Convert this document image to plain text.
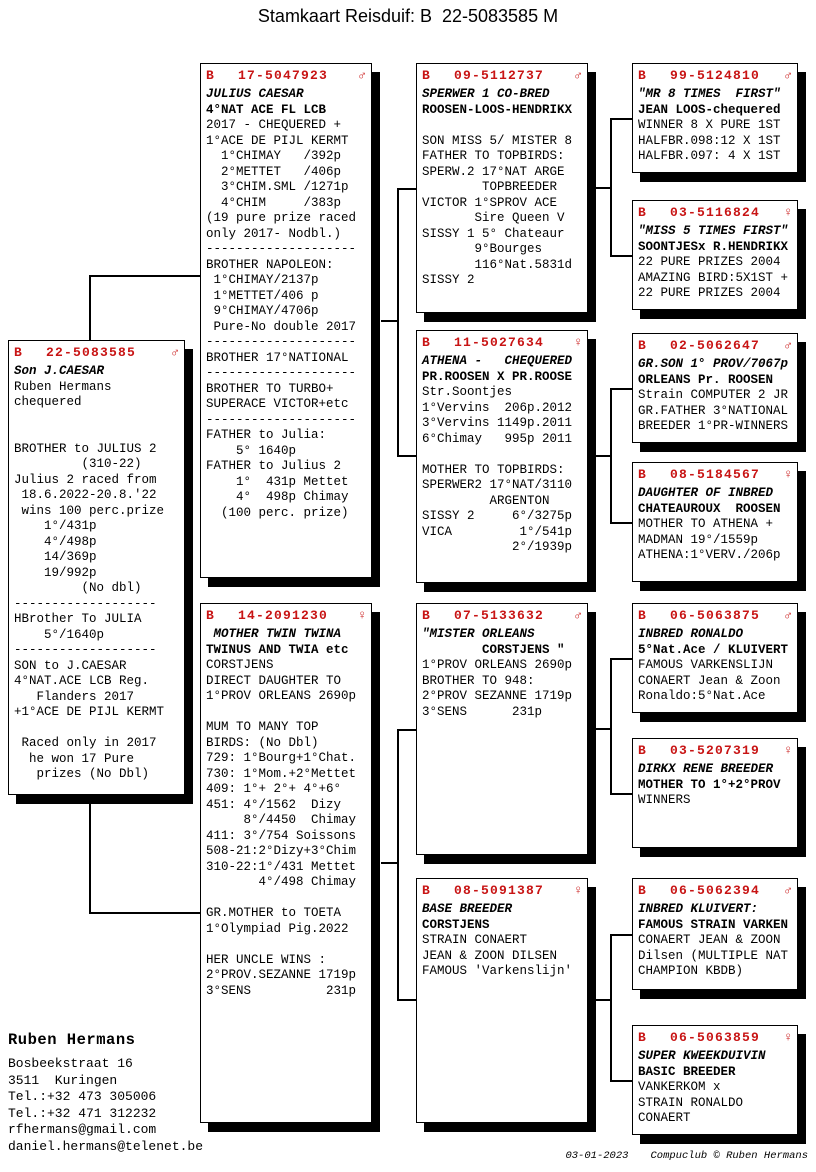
Stamkaart Reisduif: B  22-5083585 M
B	22-5083585	♂
Son J.CAESAR
Ruben Hermans
chequered
BROTHER to JULIUS 2
(310-22)
Julius 2 raced from
18.6.2022-20.8.'22
wins 100 perc.prize
1°/431p
4°/498p
14/369p
19/992p
(No dbl)
-------------------
HBrother To JULIA
5°/1640p
-------------------
SON to J.CAESAR
4°NAT.ACE LCB Reg.
Flanders 2017
+1°ACE DE PIJL KERMT
Raced only in 2017
he won 17 Pure
prizes (No Dbl)
B	17-5047923 ♂
JULIUS CAESAR
4°NAT ACE FL LCB
2017 - CHEQUERED +
1°ACE DE PIJL KERMT
1°CHIMAY   /392p
2°METTET   /406p
3°CHIM.SML /1271p
4°CHIM     /383p
(19 pure prize raced
only 2017- Nodbl.)
--------------------
BROTHER NAPOLEON:
1°CHIMAY/2137p
1°METTET/406 p
9°CHIMAY/4706p
Pure-No double 2017
--------------------
BROTHER 17°NATIONAL
--------------------
BROTHER TO TURBO+
SUPERACE VICTOR+etc
--------------------
FATHER to Julia:
5° 1640p
FATHER to Julius 2
1°  431p Mettet
4°  498p Chimay
(100 perc. prize)
B	14-2091230 ♀
MOTHER TWIN TWINA
TWINUS AND TWIA etc
CORSTJENS
DIRECT DAUGHTER TO
1°PROV ORLEANS 2690p
MUM TO MANY TOP
BIRDS: (No Dbl)
729: 1°Bourg+1°Chat.
730: 1°Mom.+2°Mettet
409: 1°+ 2°+ 4°+6°
451: 4°/1562  Dizy
8°/4450  Chimay
411: 3°/754 Soissons
508-21:2°Dizy+3°Chim
310-22:1°/431 Mettet
4°/498 Chimay
GR.MOTHER to TOETA
1°Olympiad Pig.2022
HER UNCLE WINS :
2°PROV.SEZANNE 1719p
3°SENS          231p
B	09-5112737 ♂
SPERWER 1 CO-BRED
ROOSEN-LOOS-HENDRIKX
SON MISS 5/ MISTER 8
FATHER TO TOPBIRDS:
SPERW.2 17°NAT ARGE
TOPBREEDER
VICTOR 1°SPROV ACE
Sire Queen V
SISSY 1 5° Chateaur
9°Bourges
116°Nat.5831d
SISSY 2
B	11-5027634 ♀
ATHENA -   CHEQUERED
PR.ROOSEN X PR.ROOSE
Str.Soontjes
1°Vervins  206p.2012
3°Vervins 1149p.2011
6°Chimay   995p 2011
MOTHER TO TOPBIRDS:
SPERWER2 17°NAT/3110
ARGENTON
SISSY 2     6°/3275p
VICA         1°/541p
2°/1939p
B	07-5133632 ♂
"MISTER ORLEANS
CORSTJENS "
1°PROV ORLEANS 2690p
BROTHER TO 948:
2°PROV SEZANNE 1719p
3°SENS      231p
B	08-5091387 ♀
BASE BREEDER
CORSTJENS
STRAIN CONAERT
JEAN & ZOON DILSEN
FAMOUS 'Varkenslijn'
B	99-5124810 ♂
"MR 8 TIMES  FIRST"
JEAN LOOS-chequered
WINNER 8 X PURE 1ST
HALFBR.098:12 X 1ST
HALFBR.097: 4 X 1ST
B	03-5116824 ♀
"MISS 5 TIMES FIRST"
SOONTJESx R.HENDRIKX
22 PURE PRIZES 2004
AMAZING BIRD:5X1ST +
22 PURE PRIZES 2004
B	02-5062647 ♂
GR.SON 1° PROV/7067p
ORLEANS Pr. ROOSEN
Strain COMPUTER 2 JR
GR.FATHER 3°NATIONAL
BREEDER 1°PR-WINNERS
B	08-5184567 ♀
DAUGHTER OF INBRED
CHATEAUROUX  ROOSEN
MOTHER TO ATHENA +
MADMAN 19°/1559p
ATHENA:1°VERV./206p
B	06-5063875 ♂
INBRED RONALDO
5°Nat.Ace / KLUIVERT
FAMOUS VARKENSLIJN
CONAERT Jean & Zoon
Ronaldo:5°Nat.Ace
B	03-5207319 ♀
DIRKX RENE BREEDER
MOTHER TO 1°+2°PROV
WINNERS
B	06-5062394 ♂
INBRED KLUIVERT:
FAMOUS STRAIN VARKEN
CONAERT JEAN & ZOON
Dilsen (MULTIPLE NAT
CHAMPION KBDB)
B	06-5063859 ♀
SUPER KWEEKDUIVIN
BASIC BREEDER
VANKERKOM x
STRAIN RONALDO
CONAERT
Ruben Hermans
Bosbeekstraat 16
3511  Kuringen
Tel.:+32 473 305006
Tel.:+32 471 312232
rfhermans@gmail.com
daniel.hermans@telenet.be

03-01-2023 Compuclub © Ruben Hermans
